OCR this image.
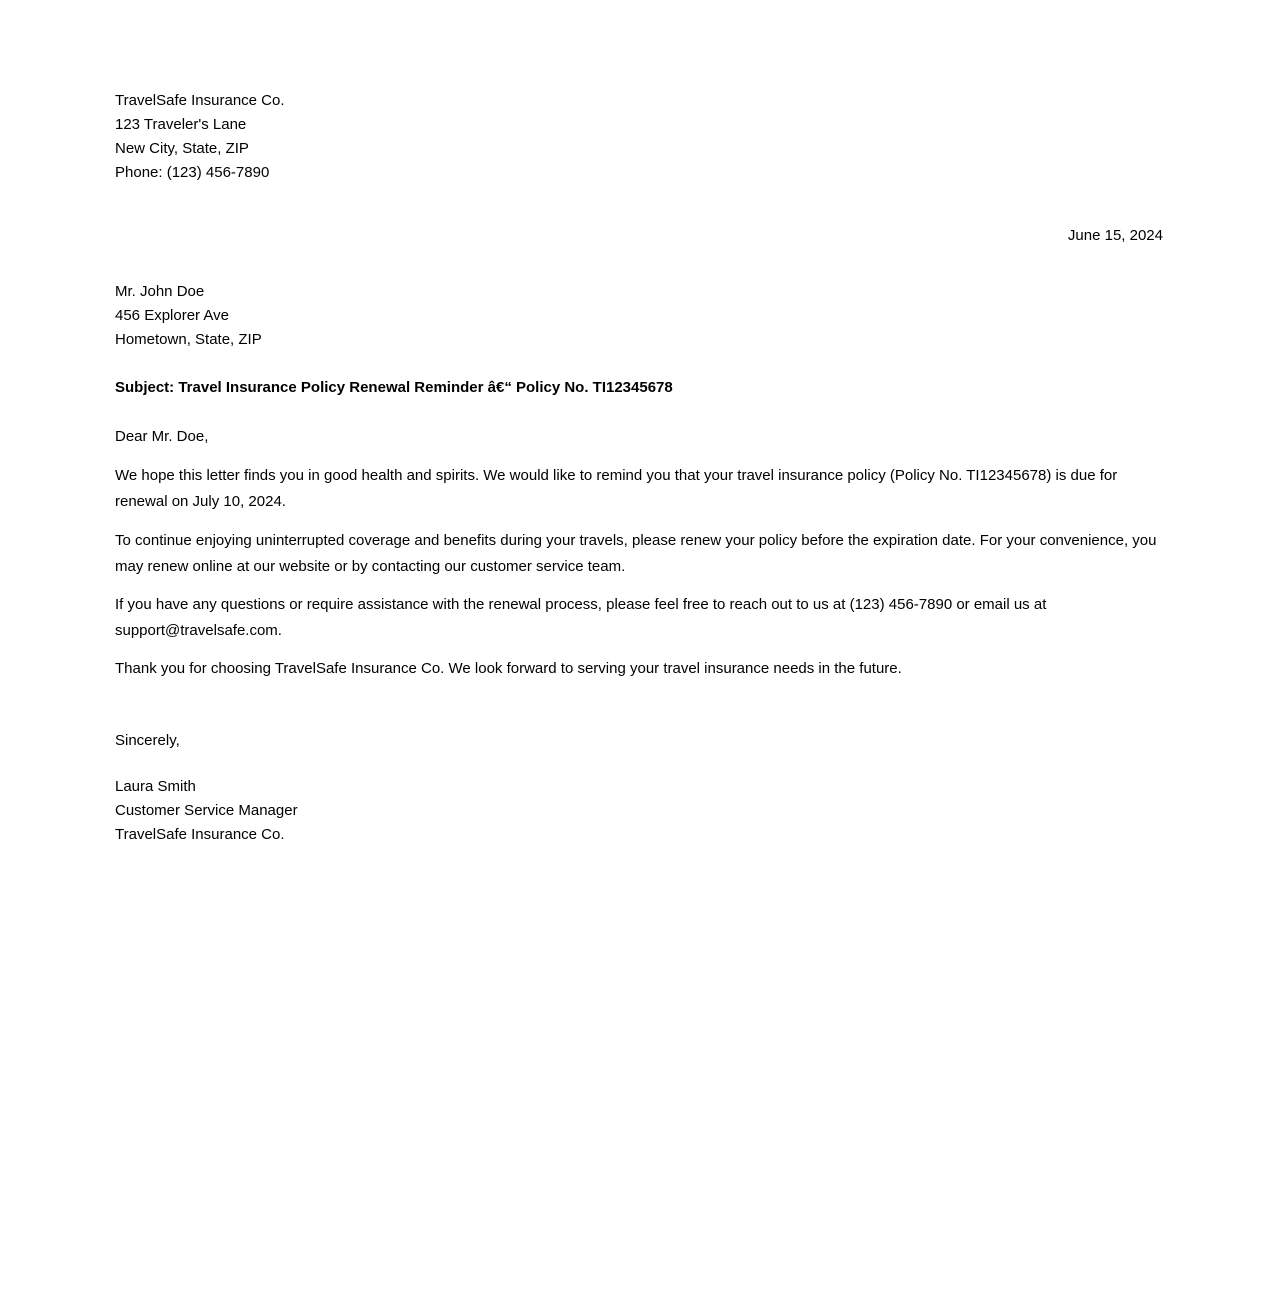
TravelSafe Insurance Co.
123 Traveler's Lane
New City, State, ZIP
Phone: (123) 456-7890
June 15, 2024
Mr. John Doe
456 Explorer Ave
Hometown, State, ZIP
Subject: Travel Insurance Policy Renewal Reminder â€“ Policy No. TI12345678
Dear Mr. Doe,

We hope this letter finds you in good health and spirits. We would like to remind you that your travel insurance policy (Policy No. TI12345678) is due for renewal on July 10, 2024.

To continue enjoying uninterrupted coverage and benefits during your travels, please renew your policy before the expiration date. For your convenience, you may renew online at our website or by contacting our customer service team.

If you have any questions or require assistance with the renewal process, please feel free to reach out to us at (123) 456-7890 or email us at support@travelsafe.com.

Thank you for choosing TravelSafe Insurance Co. We look forward to serving your travel insurance needs in the future.

Sincerely,
Laura Smith
Customer Service Manager
TravelSafe Insurance Co.
